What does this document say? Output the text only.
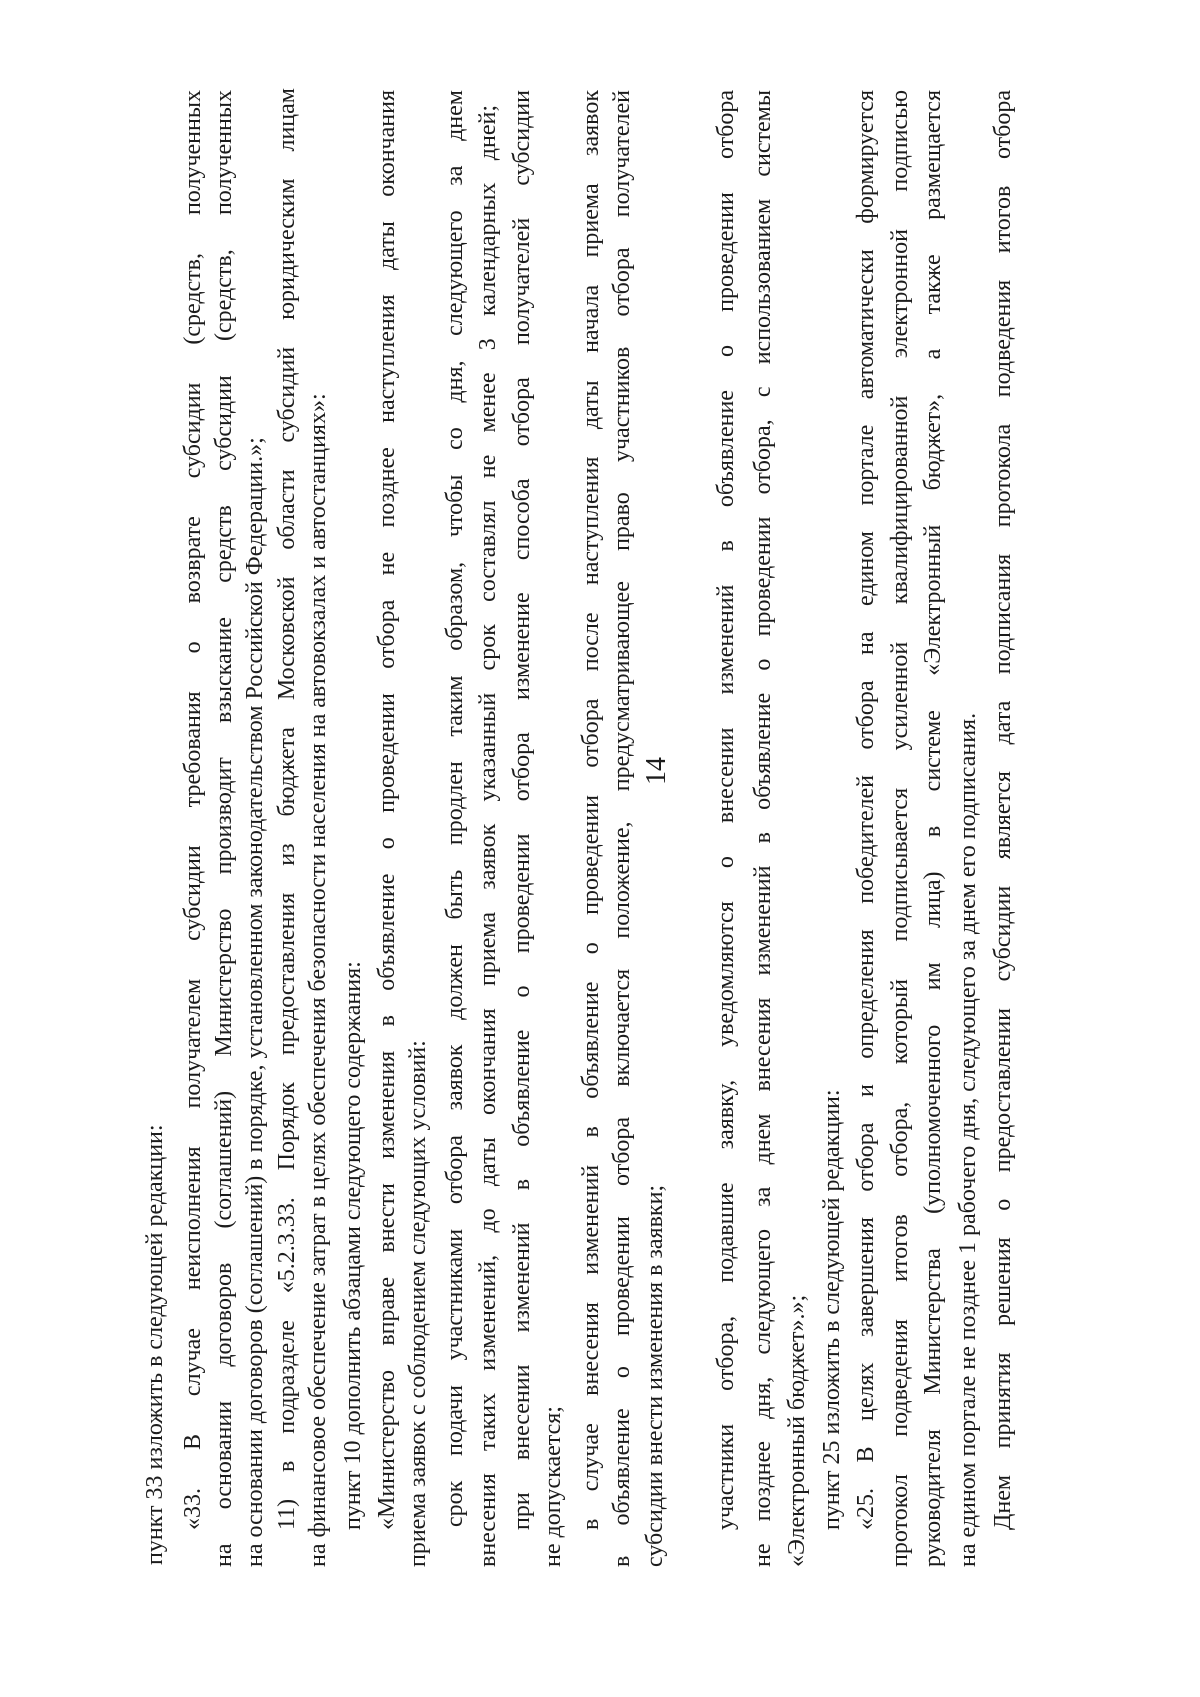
14
пункт 33 изложить в следующей редакции: «33. В случае неисполнения получателем субсидии требования о возврате субсидии (средств, полученных на основании договоров (соглашений) Министерство производит взыскание средств субсидии (средств, полученных на основании договоров (соглашений) в порядке, установленном законодательством Российской Федерации.»; 11) в подразделе «5.2.3.33. Порядок предоставления из бюджета Московской области субсидий юридическим лицам на финансовое обеспечение затрат в целях обеспечения безопасности населения на автовокзалах и автостанциях»: пункт 10 дополнить абзацами следующего содержания: «Министерство вправе внести изменения в объявление о проведении отбора не позднее наступления даты окончания приема заявок с соблюдением следующих условий: срок подачи участниками отбора заявок должен быть продлен таким образом, чтобы со дня, следующего за днем внесения таких изменений, до даты окончания приема заявок указанный срок составлял не менее 3 календарных дней; при внесении изменений в объявление о проведении отбора изменение способа отбора получателей субсидии не допускается; в случае внесения изменений в объявление о проведении отбора после наступления даты начала приема заявок в объявление о проведении отбора включается положение, предусматривающее право участников отбора получателей субсидии внести изменения в заявки; участники отбора, подавшие заявку, уведомляются о внесении изменений в объявление о проведении отбора не позднее дня, следующего за днем внесения изменений в объявление о проведении отбора, с использованием системы «Электронный бюджет».»; пункт 25 изложить в следующей редакции: «25. В целях завершения отбора и определения победителей отбора на едином портале автоматически формируется протокол подведения итогов отбора, который подписывается усиленной квалифицированной электронной подписью руководителя Министерства (уполномоченного им лица) в системе «Электронный бюджет», а также размещается на едином портале не позднее 1 рабочего дня, следующего за днем его подписания. Днем принятия решения о предоставлении субсидии является дата подписания протокола подведения итогов отбора
